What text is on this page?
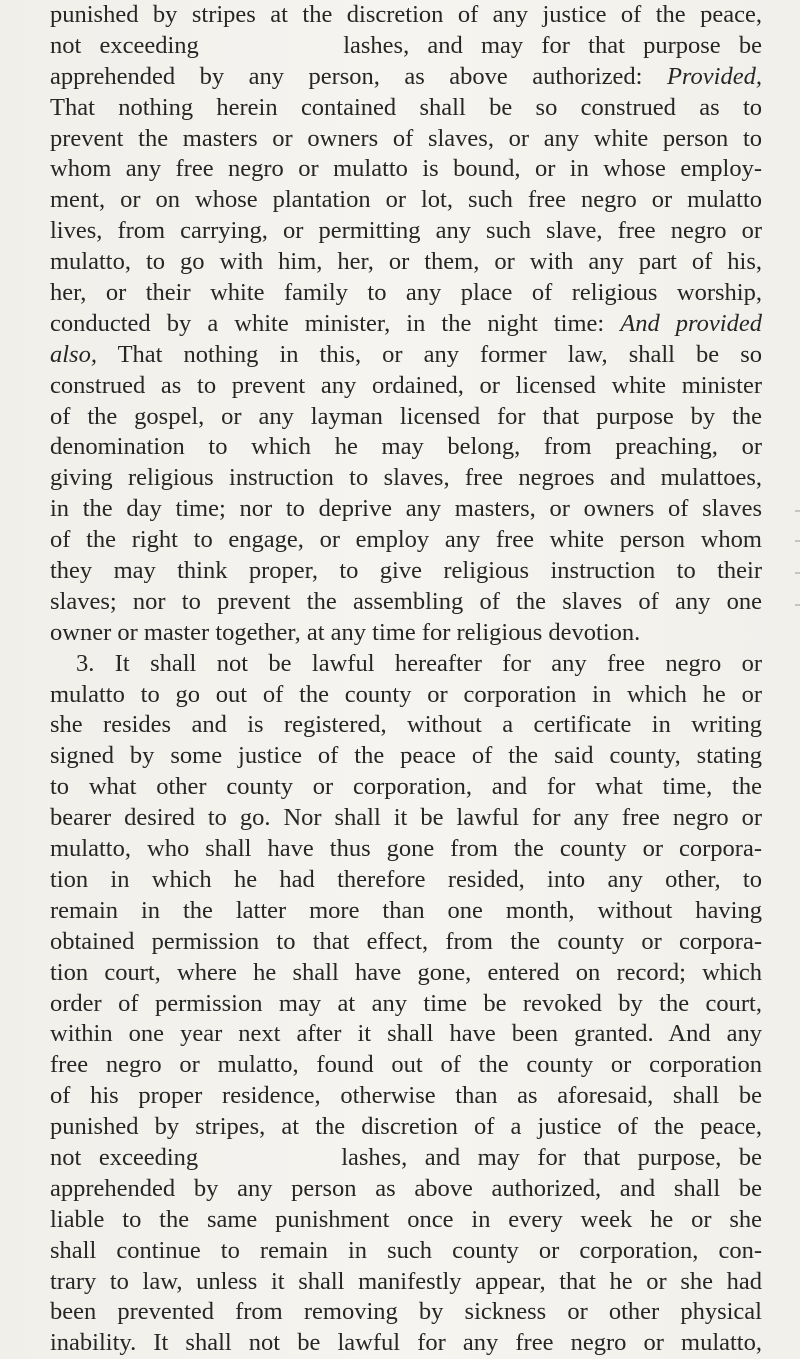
punished by stripes at the discretion of any justice of the peace,
not exceeding	lashes, and may for that purpose be
apprehended by any person, as above authorized: Provided,
That nothing herein contained shall be so construed as to
prevent the masters or owners of slaves, or any white person to
whom any free negro or mulatto is bound, or in whose employ-
ment, or on whose plantation or lot, such free negro or mulatto
lives, from carrying, or permitting any such slave, free negro or
mulatto, to go with him, her, or them, or with any part of his,
her, or their white family to any place of religious worship,
conducted by a white minister, in the night time: And provided
also, That nothing in this, or any former law, shall be so
construed as to prevent any ordained, or licensed white minister
of the gospel, or any layman licensed for that purpose by the
denomination to which he may belong, from preaching, or
giving religious instruction to slaves, free negroes and mulattoes,
in the day time; nor to deprive any masters, or owners of slaves
of the right to engage, or employ any free white person whom
they may think proper, to give religious instruction to their
slaves; nor to prevent the assembling of the slaves of any one
owner or master together, at any time for religious devotion.
3. It shall not be lawful hereafter for any free negro or
mulatto to go out of the county or corporation in which he or
she resides and is registered, without a certificate in writing
signed by some justice of the peace of the said county, stating
to what other county or corporation, and for what time, the
bearer desired to go. Nor shall it be lawful for any free negro or
mulatto, who shall have thus gone from the county or corpora-
tion in which he had therefore resided, into any other, to
remain in the latter more than one month, without having
obtained permission to that effect, from the county or corpora-
tion court, where he shall have gone, entered on record; which
order of permission may at any time be revoked by the court,
within one year next after it shall have been granted. And any
free negro or mulatto, found out of the county or corporation
of his proper residence, otherwise than as aforesaid, shall be
punished by stripes, at the discretion of a justice of the peace,
not exceeding	lashes, and may for that purpose, be
apprehended by any person as above authorized, and shall be
liable to the same punishment once in every week he or she
shall continue to remain in such county or corporation, con-
trary to law, unless it shall manifestly appear, that he or she had
been prevented from removing by sickness or other physical
inability. It shall not be lawful for any free negro or mulatto,
